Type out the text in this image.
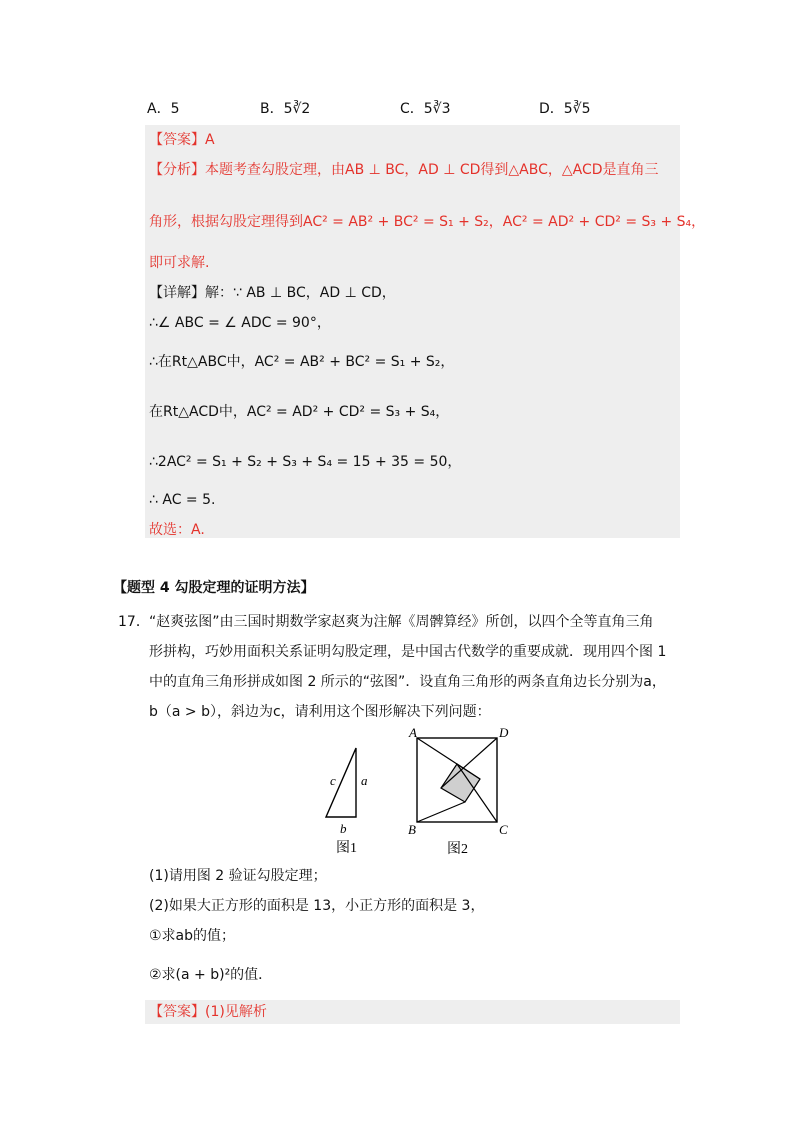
A．5	B．5∛2	C．5∛3	D．5∛5
【答案】A
【分析】本题考查勾股定理，由AB ⊥ BC，AD ⊥ CD得到△ABC，△ACD是直角三
角形，根据勾股定理得到AC² = AB² + BC² = S₁ + S₂，AC² = AD² + CD² = S₃ + S₄，
即可求解.
【详解】解：∵ AB ⊥ BC，AD ⊥ CD，
∴∠ ABC = ∠ ADC = 90°，
∴在Rt△ABC中，AC² = AB² + BC² = S₁ + S₂，
在Rt△ACD中，AC² = AD² + CD² = S₃ + S₄，
∴2AC² = S₁ + S₂ + S₃ + S₄ = 15 + 35 = 50，
∴ AC = 5.
故选：A.
【题型 4 勾股定理的证明方法】
17． “赵爽弦图”由三国时期数学家赵爽为注解《周髀算经》所创，以四个全等直角三角
形拼构，巧妙用面积关系证明勾股定理，是中国古代数学的重要成就．现用四个图 1
中的直角三角形拼成如图 2 所示的“弦图”．设直角三角形的两条直角边长分别为a，
b（a > b），斜边为c，请利用这个图形解决下列问题：
c a
b
图1
A	D
B	C
图2
(1)请用图 2 验证勾股定理；
(2)如果大正方形的面积是 13，小正方形的面积是 3，
①求ab的值；
②求(a + b)²的值．
【答案】(1)见解析
